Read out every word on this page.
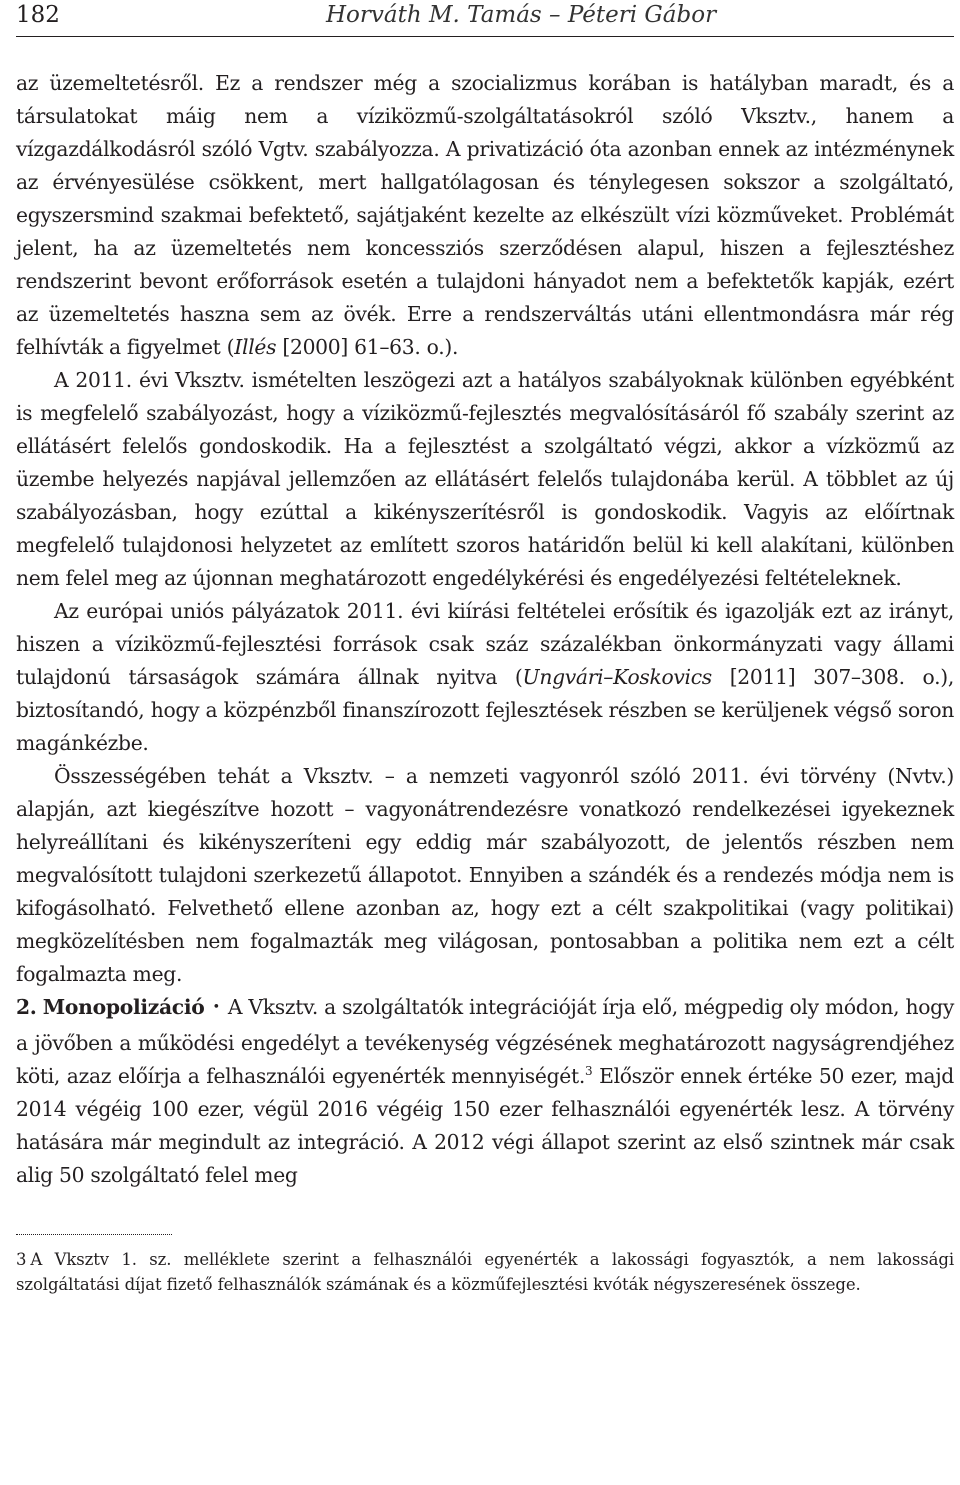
182	Horváth M. Tamás – Péteri Gábor

az üzemeltetésről. Ez a rendszer még a szocializmus korában is hatályban maradt, és a társulatokat máig nem a víziközmű-szolgáltatásokról szóló Vksztv., hanem a vízgazdálkodásról szóló Vgtv. szabályozza. A privatizáció óta azonban ennek az intézménynek az érvényesülése csökkent, mert hallgatólagosan és ténylegesen sokszor a szolgáltató, egyszersmind szakmai befektető, sajátjaként kezelte az elkészült vízi közműveket. Problémát jelent, ha az üzemeltetés nem koncessziós szerződésen alapul, hiszen a fejlesztéshez rendszerint bevont erőforrások esetén a tulajdoni hányadot nem a befektetők kapják, ezért az üzemeltetés haszna sem az övék. Erre a rendszerváltás utáni ellentmondásra már rég felhívták a figyelmet (Illés [2000] 61–63. o.).

A 2011. évi Vksztv. ismételten leszögezi azt a hatályos szabályoknak különben egyébként is megfelelő szabályozást, hogy a víziközmű-fejlesztés megvalósításáról fő szabály szerint az ellátásért felelős gondoskodik. Ha a fejlesztést a szolgáltató végzi, akkor a vízközmű az üzembe helyezés napjával jellemzően az ellátásért felelős tulajdonába kerül. A többlet az új szabályozásban, hogy ezúttal a kikényszerítésről is gondoskodik. Vagyis az előírtnak megfelelő tulajdonosi helyzetet az említett szoros határidőn belül ki kell alakítani, különben nem felel meg az újonnan meghatározott engedélykérési és engedélyezési feltételeknek.

Az európai uniós pályázatok 2011. évi kiírási feltételei erősítik és igazolják ezt az irányt, hiszen a víziközmű-fejlesztési források csak száz százalékban önkormányzati vagy állami tulajdonú társaságok számára állnak nyitva (Ungvári–Koskovics [2011] 307–308. o.), biztosítandó, hogy a közpénzből finanszírozott fejlesztések részben se kerüljenek végső soron magánkézbe.

Összességében tehát a Vksztv. – a nemzeti vagyonról szóló 2011. évi törvény (Nvtv.) alapján, azt kiegészítve hozott – vagyonátrendezésre vonatkozó rendelkezései igyekeznek helyreállítani és kikényszeríteni egy eddig már szabályozott, de jelentős részben nem megvalósított tulajdoni szerkezetű állapotot. Ennyiben a szándék és a rendezés módja nem is kifogásolható. Felvethető ellene azonban az, hogy ezt a célt szakpolitikai (vagy politikai) megközelítésben nem fogalmazták meg világosan, pontosabban a politika nem ezt a célt fogalmazta meg.

2. Monopolizáció • A Vksztv. a szolgáltatók integrációját írja elő, mégpedig oly módon, hogy a jövőben a működési engedélyt a tevékenység végzésének meghatározott nagyságrendjéhez köti, azaz előírja a felhasználói egyenérték mennyiségét.$^3$ Először ennek értéke 50 ezer, majd 2014 végéig 100 ezer, végül 2016 végéig 150 ezer felhasználói egyenérték lesz. A törvény hatására már megindult az integráció. A 2012 végi állapot szerint az első szintnek már csak alig 50 szolgáltató felel meg

3 A Vksztv 1. sz. melléklete szerint a felhasználói egyenérték a lakossági fogyasztók, a nem lakossági szolgáltatási díjat fizető felhasználók számának és a közműfejlesztési kvóták négyszeresének összege.
